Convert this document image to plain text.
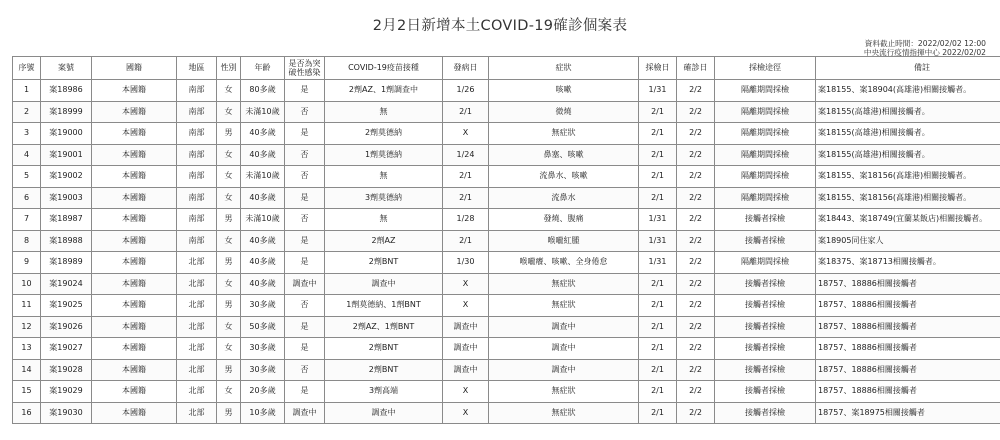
2月2日新增本土COVID-19確診個案表
資料截止時間：2022/02/02 12:00
中央流行疫情指揮中心 2022/02/02
序號	案號	國籍	地區	性別	年齡	是否為突破性感染	COVID-19疫苗接種	發病日	症狀	採檢日	確診日	採檢途徑	備註
1	案18986	本國籍	南部	女	80多歲	是	2劑AZ、1劑調查中	1/26	咳嗽	1/31	2/2	隔離期間採檢	案18155、案18904(高雄港)相關接觸者。
2	案18999	本國籍	南部	女	未滿10歲	否	無	2/1	微燒	2/1	2/2	隔離期間採檢	案18155(高雄港)相關接觸者。
3	案19000	本國籍	南部	男	40多歲	是	2劑莫德納	X	無症狀	2/1	2/2	隔離期間採檢	案18155(高雄港)相關接觸者。
4	案19001	本國籍	南部	女	40多歲	否	1劑莫德納	1/24	鼻塞、咳嗽	2/1	2/2	隔離期間採檢	案18155(高雄港)相關接觸者。
5	案19002	本國籍	南部	女	未滿10歲	否	無	2/1	流鼻水、咳嗽	2/1	2/2	隔離期間採檢	案18155、案18156(高雄港)相關接觸者。
6	案19003	本國籍	南部	女	40多歲	是	3劑莫德納	2/1	流鼻水	2/1	2/2	隔離期間採檢	案18155、案18156(高雄港)相關接觸者。
7	案18987	本國籍	南部	男	未滿10歲	否	無	1/28	發燒、腹痛	1/31	2/2	接觸者採檢	案18443、案18749(宜蘭某飯店)相關接觸者。
8	案18988	本國籍	南部	女	40多歲	是	2劑AZ	2/1	喉嚨紅腫	1/31	2/2	接觸者採檢	案18905同住家人
9	案18989	本國籍	北部	男	40多歲	是	2劑BNT	1/30	喉嚨癢、咳嗽、全身倦怠	1/31	2/2	隔離期間採檢	案18375、案18713相關接觸者。
10	案19024	本國籍	北部	女	40多歲	調查中	調查中	X	無症狀	2/1	2/2	接觸者採檢	18757、18886相關接觸者
11	案19025	本國籍	北部	男	30多歲	否	1劑莫德納、1劑BNT	X	無症狀	2/1	2/2	接觸者採檢	18757、18886相關接觸者
12	案19026	本國籍	北部	女	50多歲	是	2劑AZ、1劑BNT	調查中	調查中	2/1	2/2	接觸者採檢	18757、18886相關接觸者
13	案19027	本國籍	北部	女	30多歲	是	2劑BNT	調查中	調查中	2/1	2/2	接觸者採檢	18757、18886相關接觸者
14	案19028	本國籍	北部	男	30多歲	否	2劑BNT	調查中	調查中	2/1	2/2	接觸者採檢	18757、18886相關接觸者
15	案19029	本國籍	北部	女	20多歲	是	3劑高端	X	無症狀	2/1	2/2	接觸者採檢	18757、18886相關接觸者
16	案19030	本國籍	北部	男	10多歲	調查中	調查中	X	無症狀	2/1	2/2	接觸者採檢	18757、案18975相關接觸者
